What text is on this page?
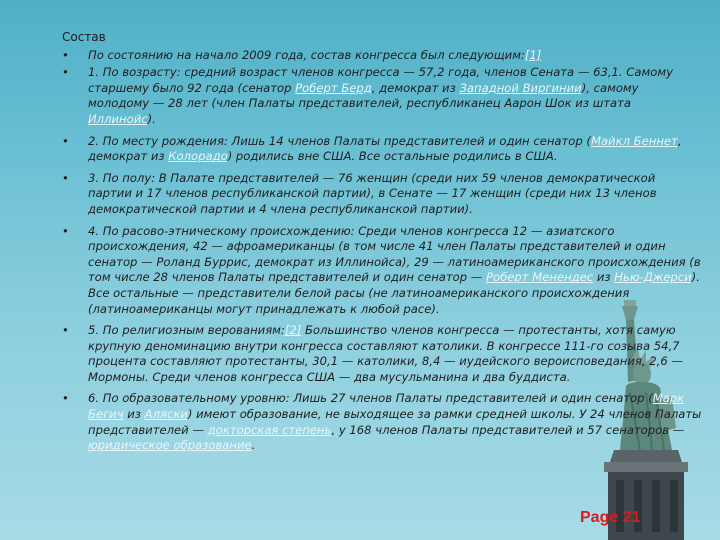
Состав
• По состоянию на начало 2009 года, состав конгресса был следующим:[1]
• 1. По возрасту: средний возраст членов конгресса — 57,2 года, членов Сената — 63,1. Самому старшему было 92 года (сенатор Роберт Берд, демократ из Западной Виргинии), самому молодому — 28 лет (член Палаты представителей, республиканец Аарон Шок из штата Иллинойс).
• 2. По месту рождения: Лишь 14 членов Палаты представителей и один сенатор (Майкл Беннет, демократ из Колорадо) родились вне США. Все остальные родились в США.
• 3. По полу: В Палате представителей — 76 женщин (среди них 59 членов демократической партии и 17 членов республиканской партии), в Сенате — 17 женщин (среди них 13 членов демократической партии и 4 члена республиканской партии).
• 4. По расово-этническому происхождению: Среди членов конгресса 12 — азиатского происхождения, 42 — афроамериканцы (в том числе 41 член Палаты представителей и один сенатор — Роланд Буррис, демократ из Иллинойса), 29 — латиноамериканского происхождения (в том числе 28 членов Палаты представителей и один сенатор — Роберт Менендес из Нью-Джерси). Все остальные — представители белой расы (не латиноамериканского происхождения (латиноамериканцы могут принадлежать к любой расе).
• 5. По религиозным верованиям:[2] Большинство членов конгресса — протестанты, хотя самую крупную деноминацию внутри конгресса составляют католики. В конгрессе 111-го созыва 54,7 процента составляют протестанты, 30,1 — католики, 8,4 — иудейского вероисповедания, 2,6 — Мормоны. Среди членов конгресса США — два мусульманина и два буддиста.
• 6. По образовательному уровню: Лишь 27 членов Палаты представителей и один сенатор (Марк Бегич из Аляски) имеют образование, не выходящее за рамки средней школы. У 24 членов Палаты представителей — докторская степень, у 168 членов Палаты представителей и 57 сенаторов — юридическое образование.
Page 21
